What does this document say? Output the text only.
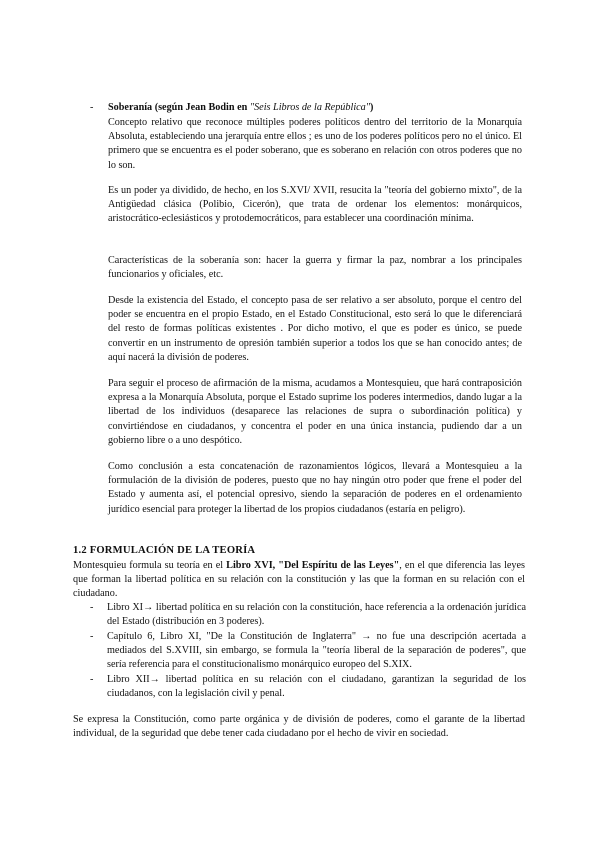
- Soberanía (según Jean Bodin en "Seis Libros de la República")

Concepto relativo que reconoce múltiples poderes políticos dentro del territorio de la Monarquía Absoluta, estableciendo una jerarquía entre ellos ; es uno de los poderes políticos pero no el único. El primero que se encuentra es el poder soberano, que es soberano en relación con otros poderes que no lo son.

Es un poder ya dividido, de hecho, en los S.XVI/ XVII, resucita la "teoría del gobierno mixto", de la Antigüedad clásica (Polibio, Cicerón), que trata de ordenar los elementos: monárquicos, aristocrático-eclesiásticos y protodemocráticos, para establecer una coordinación mínima.

Características de la soberanía son: hacer la guerra y firmar la paz, nombrar a los principales funcionarios y oficiales, etc.

Desde la existencia del Estado, el concepto pasa de ser relativo a ser absoluto, porque el centro del poder se encuentra en el propio Estado, en el Estado Constitucional, esto será lo que le diferenciará del resto de formas políticas existentes . Por dicho motivo, el que es poder es único, se puede convertir en un instrumento de opresión también superior a todos los que se han conocido antes; de aquí nacerá la división de poderes.

Para seguir el proceso de afirmación de la misma, acudamos a Montesquieu, que hará contraposición expresa a la Monarquía Absoluta, porque el Estado suprime los poderes intermedios, dando lugar a la libertad de los individuos (desaparece las relaciones de supra o subordinación política) y convirtiéndose en ciudadanos, y concentra el poder en una única instancia, pudiendo dar a un gobierno libre o a uno despótico.

Como conclusión a esta concatenación de razonamientos lógicos, llevará a Montesquieu a la formulación de la división de poderes, puesto que no hay ningún otro poder que frene el poder del Estado y aumenta así, el potencial opresivo, siendo la separación de poderes en el ordenamiento jurídico esencial para proteger la libertad de los propios ciudadanos (estaría en peligro).

1.2 FORMULACIÓN DE LA TEORÍA

Montesquieu formula su teoría en el Libro XVI, "Del Espíritu de las Leyes", en el que diferencia las leyes que forman la libertad política en su relación con la constitución y las que la forman en su relación con el ciudadano.

- Libro XI→ libertad política en su relación con la constitución, hace referencia a la ordenación jurídica del Estado (distribución en 3 poderes).

- Capítulo 6, Libro XI, "De la Constitución de Inglaterra" → no fue una descripción acertada a mediados del S.XVIII, sin embargo, se formula la "teoría liberal de la separación de poderes", que sería referencia para el constitucionalismo monárquico europeo del S.XIX.

- Libro XII→ libertad política en su relación con el ciudadano, garantizan la seguridad de los ciudadanos, con la legislación civil y penal.

Se expresa la Constitución, como parte orgánica y de división de poderes, como el garante de la libertad individual, de la seguridad que debe tener cada ciudadano por el hecho de vivir en sociedad.
